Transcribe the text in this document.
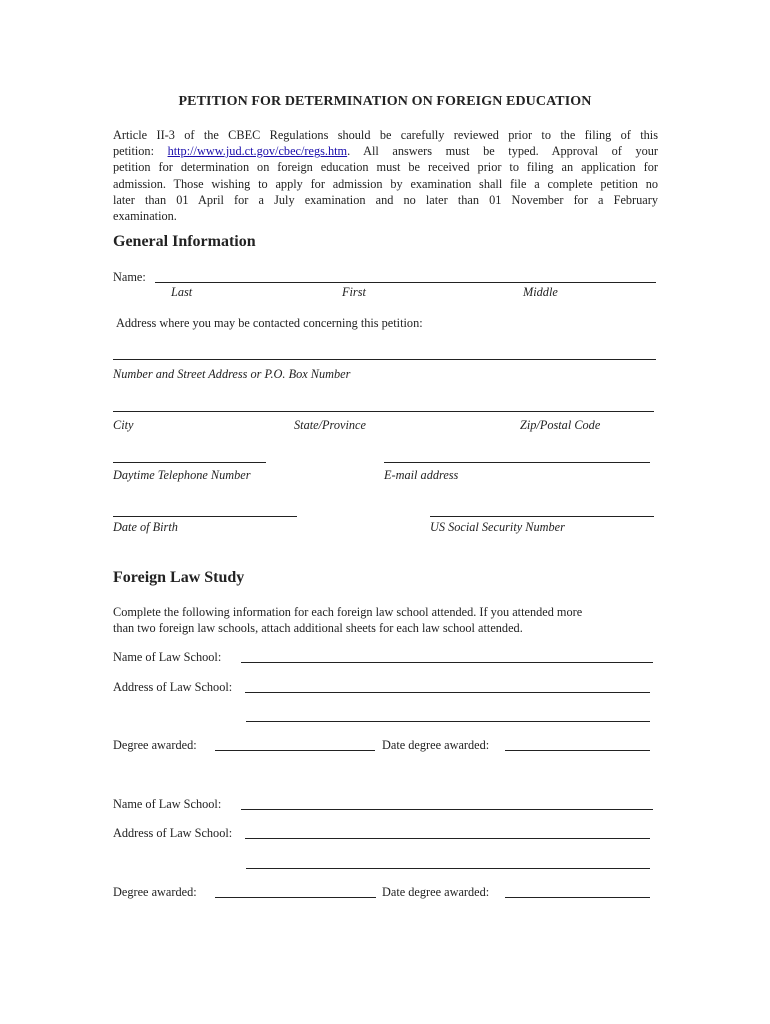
PETITION FOR DETERMINATION ON FOREIGN EDUCATION

Article II-3 of the CBEC Regulations should be carefully reviewed prior to the filing of this

petition: http://www.jud.ct.gov/cbec/regs.htm. All answers must be typed. Approval of your

petition for determination on foreign education must be received prior to filing an application for

admission. Those wishing to apply for admission by examination shall file a complete petition no

later than 01 April for a July examination and no later than 01 November for a February

examination.

General Information
Name:
Last	First	Middle
Address where you may be contacted concerning this petition:
Number and Street Address or P.O. Box Number
City	State/Province	Zip/Postal Code
Daytime Telephone Number	E-mail address
Date of Birth	US Social Security Number
Foreign Law Study
Complete the following information for each foreign law school attended. If you attended more
than two foreign law schools, attach additional sheets for each law school attended.
Name of Law School:
Address of Law School:
Degree awarded:	Date degree awarded:
Name of Law School:
Address of Law School:
Degree awarded:	Date degree awarded:
